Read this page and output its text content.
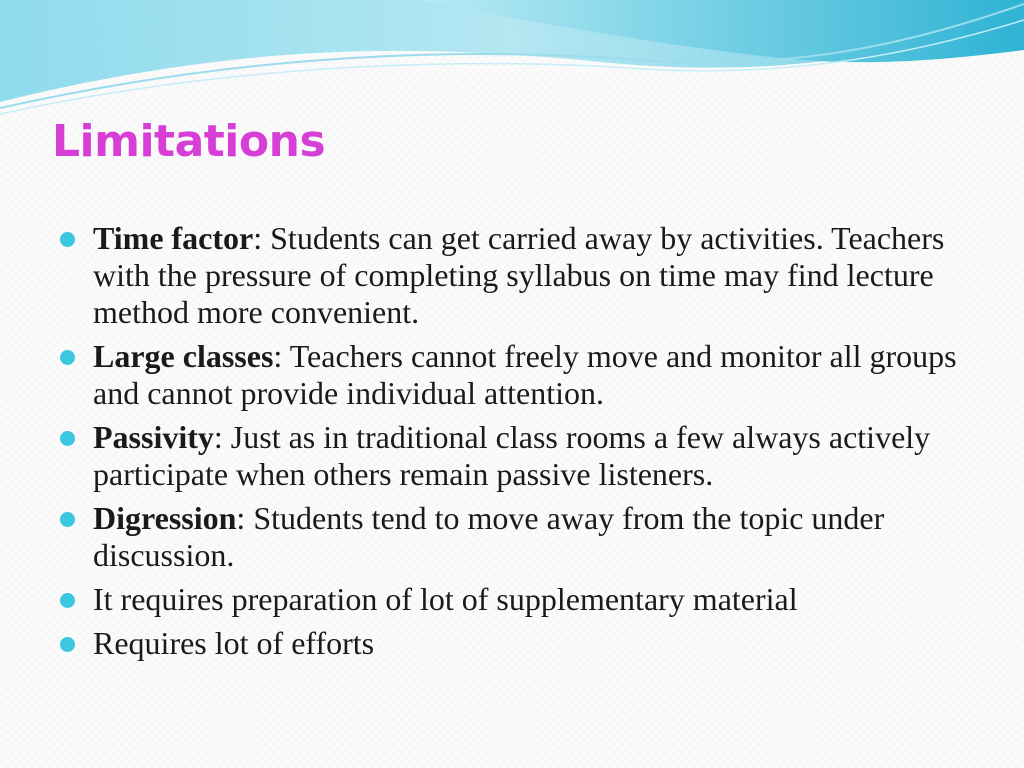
Limitations
Time factor: Students can get carried away by activities. Teachers with the pressure of completing syllabus on time may find lecture method more convenient.
Large classes: Teachers cannot freely move and monitor all groups and cannot provide individual attention.
Passivity: Just as in traditional class rooms a few always actively participate when others remain passive listeners.
Digression: Students tend to move away from the topic under discussion.
It requires preparation of lot of supplementary material
Requires lot of efforts
